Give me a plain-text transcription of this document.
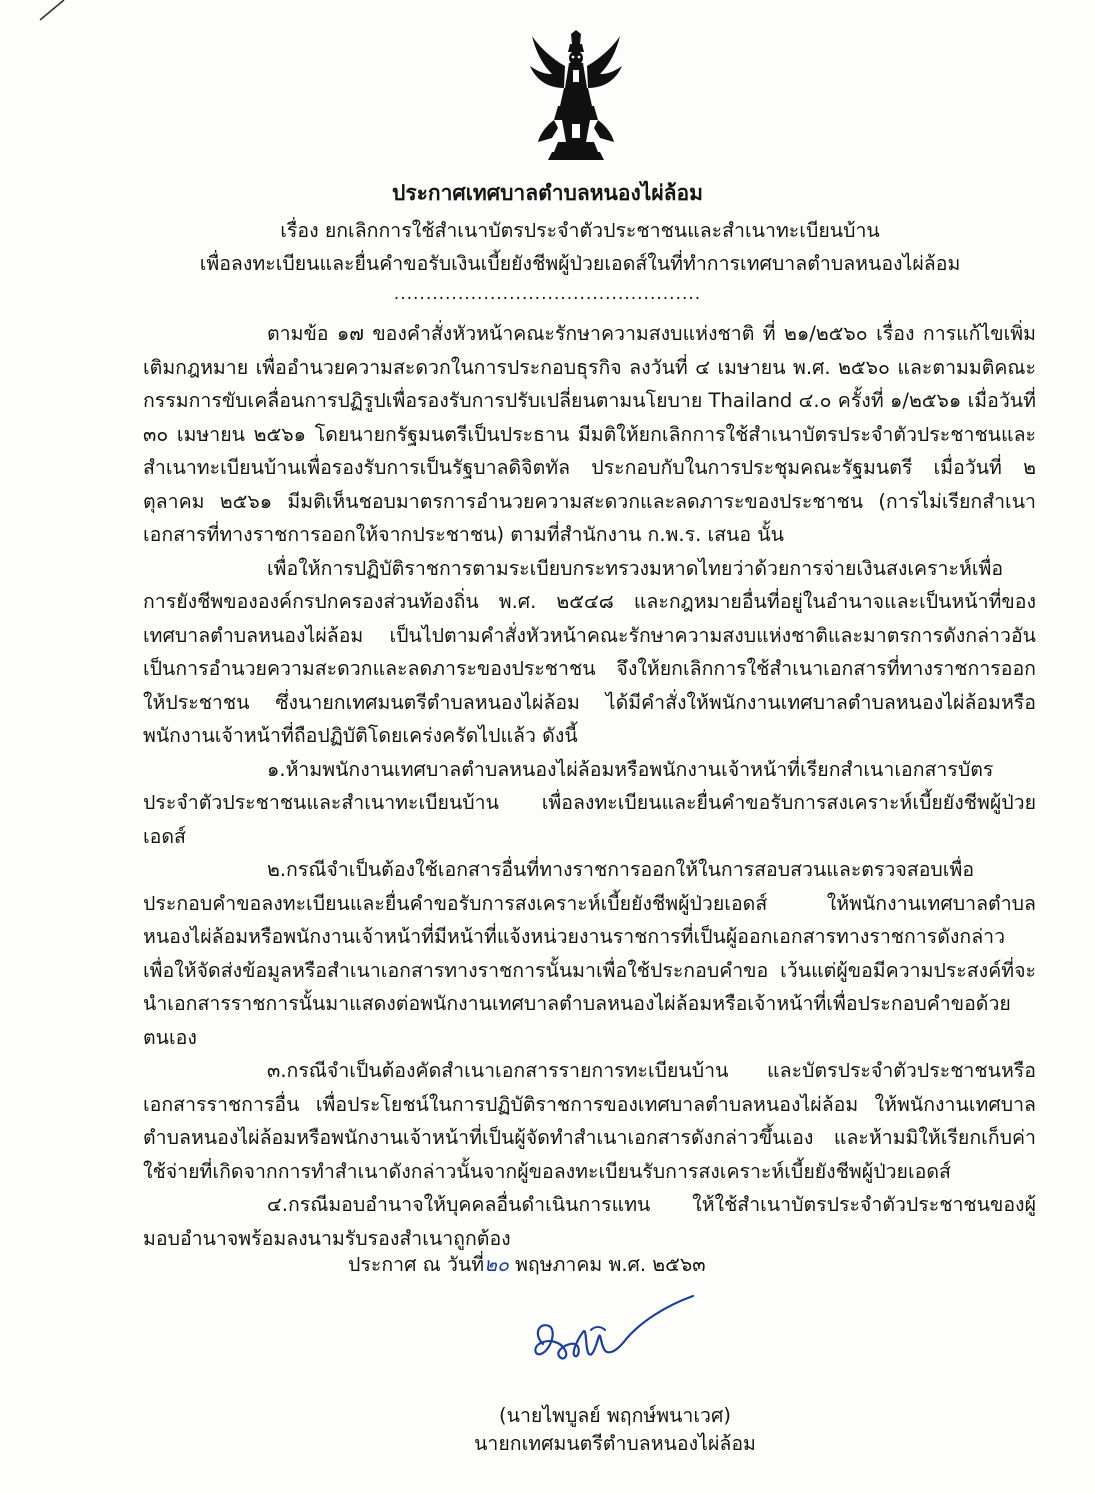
ประกาศเทศบาลตำบลหนองไผ่ล้อม
เรื่อง ยกเลิกการใช้สำเนาบัตรประจำตัวประชาชนและสำเนาทะเบียนบ้าน
เพื่อลงทะเบียนและยื่นคำขอรับเงินเบี้ยยังชีพผู้ป่วยเอดส์ในที่ทำการเทศบาลตำบลหนองไผ่ล้อม
................................................

ตามข้อ ๑๗ ของคำสั่งหัวหน้าคณะรักษาความสงบแห่งชาติ ที่ ๒๑/๒๕๖๐ เรื่อง การแก้ไขเพิ่มเติมกฎหมาย เพื่ออำนวยความสะดวกในการประกอบธุรกิจ ลงวันที่ ๔ เมษายน พ.ศ. ๒๕๖๐ และตามมติคณะกรรมการขับเคลื่อนการปฏิรูปเพื่อรองรับการปรับเปลี่ยนตามนโยบาย Thailand ๔.๐ ครั้งที่ ๑/๒๕๖๑ เมื่อวันที่ ๓๐ เมษายน ๒๕๖๑ โดยนายกรัฐมนตรีเป็นประธาน มีมติให้ยกเลิกการใช้สำเนาบัตรประจำตัวประชาชนและสำเนาทะเบียนบ้านเพื่อรองรับการเป็นรัฐบาลดิจิตทัล ประกอบกับในการประชุมคณะรัฐมนตรี เมื่อวันที่ ๒ ตุลาคม ๒๕๖๑ มีมติเห็นชอบมาตรการอำนวยความสะดวกและลดภาระของประชาชน (การไม่เรียกสำเนาเอกสารที่ทางราชการออกให้จากประชาชน) ตามที่สำนักงาน ก.พ.ร. เสนอ นั้น

เพื่อให้การปฏิบัติราชการตามระเบียบกระทรวงมหาดไทยว่าด้วยการจ่ายเงินสงเคราะห์เพื่อการยังชีพขององค์กรปกครองส่วนท้องถิ่น พ.ศ. ๒๕๔๘ และกฎหมายอื่นที่อยู่ในอำนาจและเป็นหน้าที่ของเทศบาลตำบลหนองไผ่ล้อม เป็นไปตามคำสั่งหัวหน้าคณะรักษาความสงบแห่งชาติและมาตรการดังกล่าวอัน เป็นการอำนวยความสะดวกและลดภาระของประชาชน จึงให้ยกเลิกการใช้สำเนาเอกสารที่ทางราชการออกให้ประชาชน ซึ่งนายกเทศมนตรีตำบลหนองไผ่ล้อม ได้มีคำสั่งให้พนักงานเทศบาลตำบลหนองไผ่ล้อมหรือพนักงานเจ้าหน้าที่ถือปฏิบัติโดยเคร่งครัดไปแล้ว ดังนี้

๑.ห้ามพนักงานเทศบาลตำบลหนองไผ่ล้อมหรือพนักงานเจ้าหน้าที่เรียกสำเนาเอกสารบัตรประจำตัวประชาชนและสำเนาทะเบียนบ้าน เพื่อลงทะเบียนและยื่นคำขอรับการสงเคราะห์เบี้ยยังชีพผู้ป่วยเอดส์

๒.กรณีจำเป็นต้องใช้เอกสารอื่นที่ทางราชการออกให้ในการสอบสวนและตรวจสอบเพื่อประกอบคำขอลงทะเบียนและยื่นคำขอรับการสงเคราะห์เบี้ยยังชีพผู้ป่วยเอดส์ ให้พนักงานเทศบาลตำบลหนองไผ่ล้อมหรือพนักงานเจ้าหน้าที่มีหน้าที่แจ้งหน่วยงานราชการที่เป็นผู้ออกเอกสารทางราชการดังกล่าว เพื่อให้จัดส่งข้อมูลหรือสำเนาเอกสารทางราชการนั้นมาเพื่อใช้ประกอบคำขอ เว้นแต่ผู้ขอมีความประสงค์ที่จะนำเอกสารราชการนั้นมาแสดงต่อพนักงานเทศบาลตำบลหนองไผ่ล้อมหรือเจ้าหน้าที่เพื่อประกอบคำขอด้วยตนเอง

๓.กรณีจำเป็นต้องคัดสำเนาเอกสารรายการทะเบียนบ้าน และบัตรประจำตัวประชาชนหรือเอกสารราชการอื่น เพื่อประโยชน์ในการปฏิบัติราชการของเทศบาลตำบลหนองไผ่ล้อม ให้พนักงานเทศบาลตำบลหนองไผ่ล้อมหรือพนักงานเจ้าหน้าที่เป็นผู้จัดทำสำเนาเอกสารดังกล่าวขึ้นเอง และห้ามมิให้เรียกเก็บค่าใช้จ่ายที่เกิดจากการทำสำเนาดังกล่าวนั้นจากผู้ขอลงทะเบียนรับการสงเคราะห์เบี้ยยังชีพผู้ป่วยเอดส์

๔.กรณีมอบอำนาจให้บุคคลอื่นดำเนินการแทน ให้ใช้สำเนาบัตรประจำตัวประชาชนของผู้มอบอำนาจพร้อมลงนามรับรองสำเนาถูกต้อง

ประกาศ ณ วันที่๒๐ พฤษภาคม พ.ศ. ๒๕๖๓
(นายไพบูลย์ พฤกษ์พนาเวศ)
นายกเทศมนตรีตำบลหนองไผ่ล้อม
